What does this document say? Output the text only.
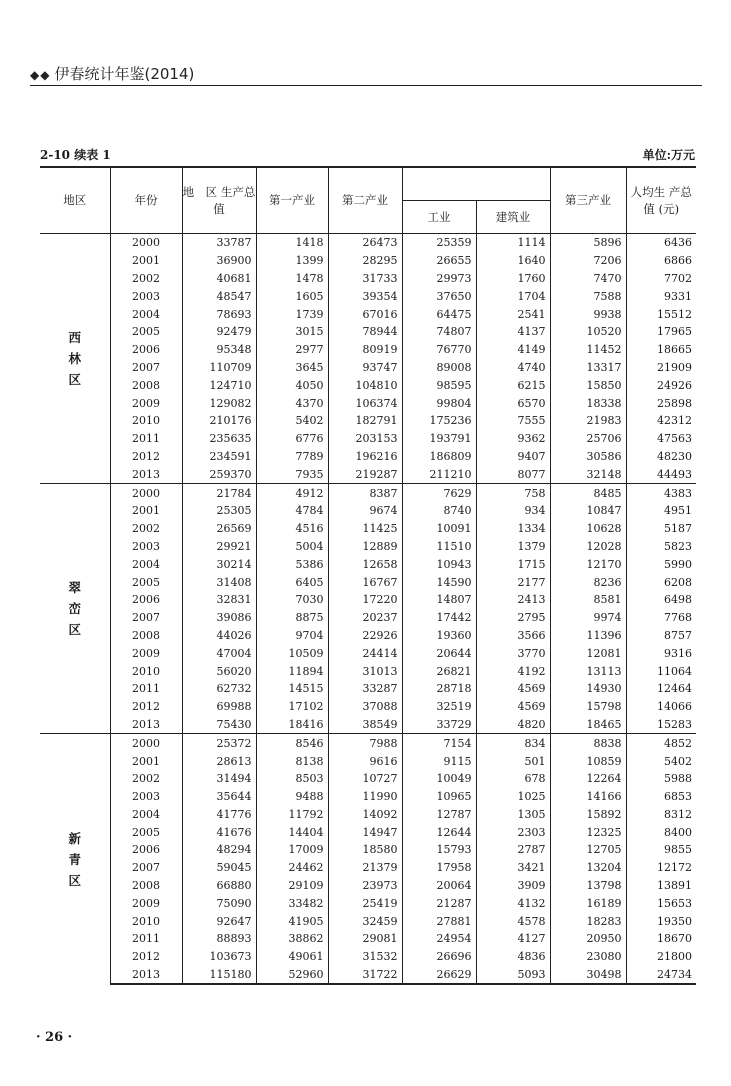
◆◆ 伊春统计年鉴(2014)
2-10 续表 1	单位:万元
地区	年份	地　区 生产总值	第一产业	第二产业			第三产业	人均生 产总值 (元)
					工业	建筑业		
西林区	2000	33787	1418	26473	25359	1114	5896	6436
	2001	36900	1399	28295	26655	1640	7206	6866
	2002	40681	1478	31733	29973	1760	7470	7702
	2003	48547	1605	39354	37650	1704	7588	9331
	2004	78693	1739	67016	64475	2541	9938	15512
	2005	92479	3015	78944	74807	4137	10520	17965
	2006	95348	2977	80919	76770	4149	11452	18665
	2007	110709	3645	93747	89008	4740	13317	21909
	2008	124710	4050	104810	98595	6215	15850	24926
	2009	129082	4370	106374	99804	6570	18338	25898
	2010	210176	5402	182791	175236	7555	21983	42312
	2011	235635	6776	203153	193791	9362	25706	47563
	2012	234591	7789	196216	186809	9407	30586	48230
	2013	259370	7935	219287	211210	8077	32148	44493
翠峦区	2000	21784	4912	8387	7629	758	8485	4383
	2001	25305	4784	9674	8740	934	10847	4951
	2002	26569	4516	11425	10091	1334	10628	5187
	2003	29921	5004	12889	11510	1379	12028	5823
	2004	30214	5386	12658	10943	1715	12170	5990
	2005	31408	6405	16767	14590	2177	8236	6208
	2006	32831	7030	17220	14807	2413	8581	6498
	2007	39086	8875	20237	17442	2795	9974	7768
	2008	44026	9704	22926	19360	3566	11396	8757
	2009	47004	10509	24414	20644	3770	12081	9316
	2010	56020	11894	31013	26821	4192	13113	11064
	2011	62732	14515	33287	28718	4569	14930	12464
	2012	69988	17102	37088	32519	4569	15798	14066
	2013	75430	18416	38549	33729	4820	18465	15283
新青区	2000	25372	8546	7988	7154	834	8838	4852
	2001	28613	8138	9616	9115	501	10859	5402
	2002	31494	8503	10727	10049	678	12264	5988
	2003	35644	9488	11990	10965	1025	14166	6853
	2004	41776	11792	14092	12787	1305	15892	8312
	2005	41676	14404	14947	12644	2303	12325	8400
	2006	48294	17009	18580	15793	2787	12705	9855
	2007	59045	24462	21379	17958	3421	13204	12172
	2008	66880	29109	23973	20064	3909	13798	13891
	2009	75090	33482	25419	21287	4132	16189	15653
	2010	92647	41905	32459	27881	4578	18283	19350
	2011	88893	38862	29081	24954	4127	20950	18670
	2012	103673	49061	31532	26696	4836	23080	21800
	2013	115180	52960	31722	26629	5093	30498	24734
· 26 ·
